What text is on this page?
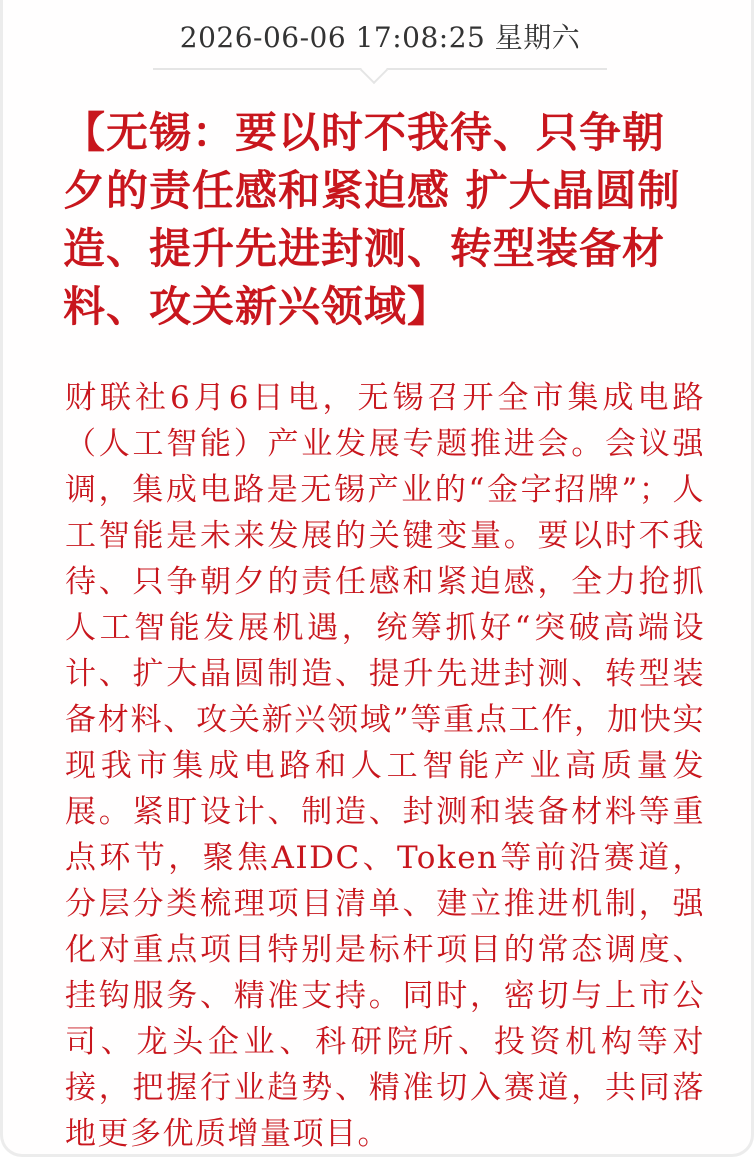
2026-06-06 17:08:25 星期六
【无锡：要以时不我待、只争朝夕的责任感和紧迫感 扩大晶圆制造、提升先进封测、转型装备材料、攻关新兴领域】

财联社6月6日电，无锡召开全市集成电路（人工智能）产业发展专题推进会。会议强调，集成电路是无锡产业的“金字招牌”；人工智能是未来发展的关键变量。要以时不我待、只争朝夕的责任感和紧迫感，全力抢抓人工智能发展机遇，统筹抓好“突破高端设计、扩大晶圆制造、提升先进封测、转型装备材料、攻关新兴领域”等重点工作，加快实现我市集成电路和人工智能产业高质量发展。紧盯设计、制造、封测和装备材料等重点环节，聚焦AIDC、Token等前沿赛道，分层分类梳理项目清单、建立推进机制，强化对重点项目特别是标杆项目的常态调度、挂钩服务、精准支持。同时，密切与上市公司、龙头企业、科研院所、投资机构等对接，把握行业趋势、精准切入赛道，共同落地更多优质增量项目。
